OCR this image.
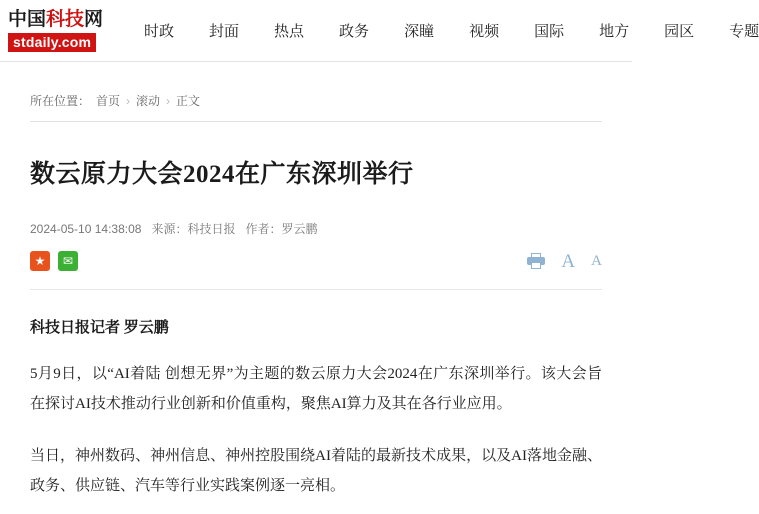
中国科技网
stdaily.com
时政 封面 热点 政务 深瞳 视频 国际 地方 园区 专题
所在位置： 首页 › 滚动 › 正文
数云原力大会2024在广东深圳举行
2024-05-10 14:38:08 来源：科技日报 作者：罗云鹏
★	✉	A A
科技日报记者 罗云鹏

5月9日，以“AI着陆 创想无界”为主题的数云原力大会2024在广东深圳举行。该大会旨在探讨AI技术推动行业创新和价值重构，聚焦AI算力及其在各行业应用。

当日，神州数码、神州信息、神州控股围绕AI着陆的最新技术成果，以及AI落地金融、政务、供应链、汽车等行业实践案例逐一亮相。
